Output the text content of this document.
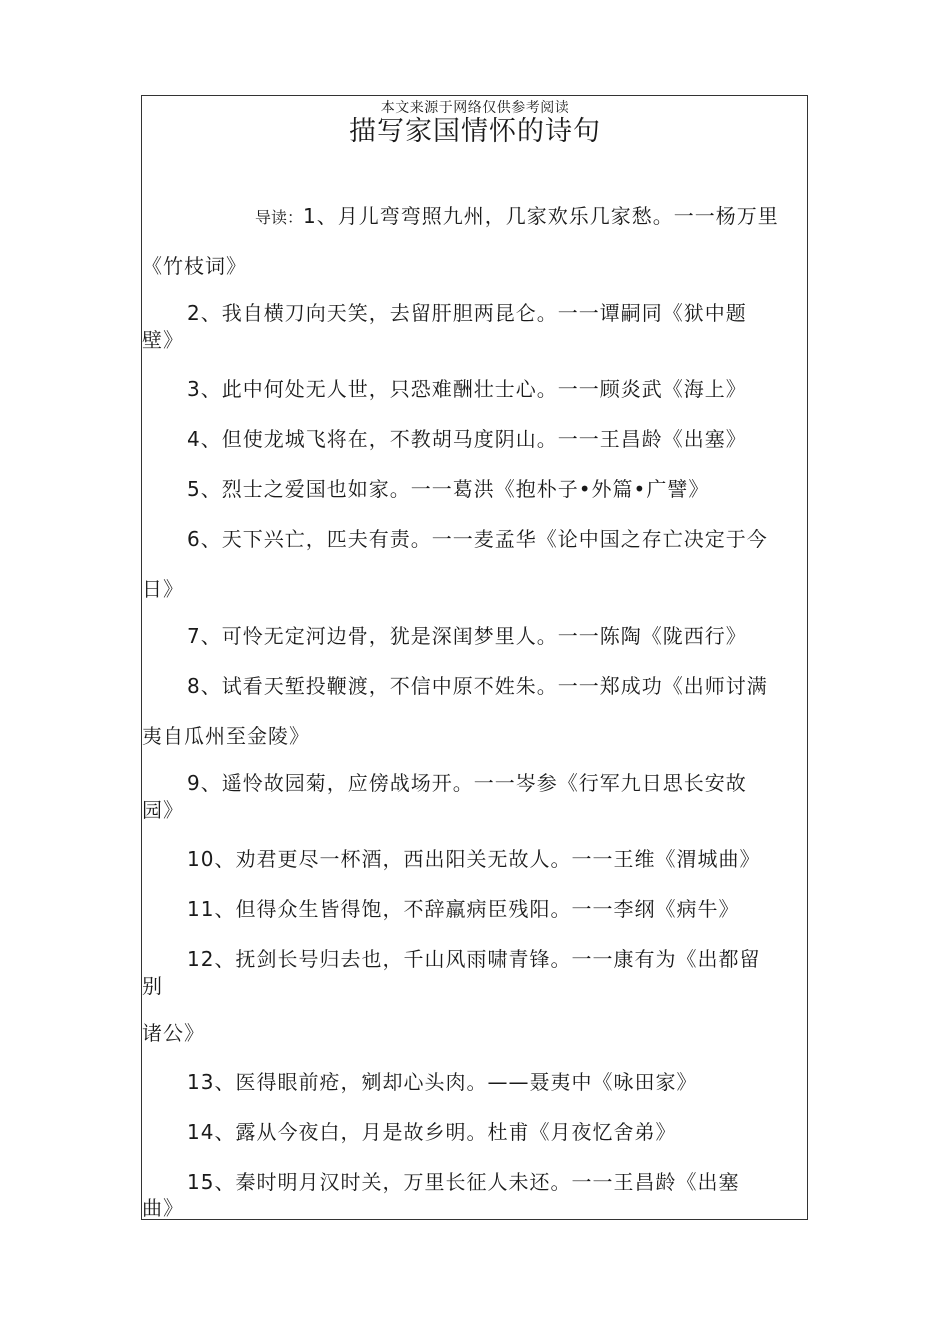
本文来源于网络仅供参考阅读
描写家国情怀的诗句
导读：1、月儿弯弯照九州，几家欢乐几家愁。一一杨万里
《竹枝词》
2、我自横刀向天笑，去留肝胆两昆仑。一一谭嗣同《狱中题
壁》
3、此中何处无人世，只恐难酬壮士心。一一顾炎武《海上》
4、但使龙城飞将在，不教胡马度阴山。一一王昌龄《出塞》
5、烈士之爱国也如家。一一葛洪《抱朴子•外篇•广譬》
6、天下兴亡，匹夫有责。一一麦孟华《论中国之存亡决定于今
日》
7、可怜无定河边骨，犹是深闺梦里人。一一陈陶《陇西行》
8、试看天堑投鞭渡，不信中原不姓朱。一一郑成功《出师讨满
夷自瓜州至金陵》
9、遥怜故园菊，应傍战场开。一一岑参《行军九日思长安故
园》
10、劝君更尽一杯酒，西出阳关无故人。一一王维《渭城曲》
11、但得众生皆得饱，不辞羸病臣残阳。一一李纲《病牛》
12、抚剑长号归去也，千山风雨啸青锋。一一康有为《出都留
别
诸公》
13、医得眼前疮，剜却心头肉。——聂夷中《咏田家》
14、露从今夜白，月是故乡明。杜甫《月夜忆舍弟》
15、秦时明月汉时关，万里长征人未还。一一王昌龄《出塞
曲》
